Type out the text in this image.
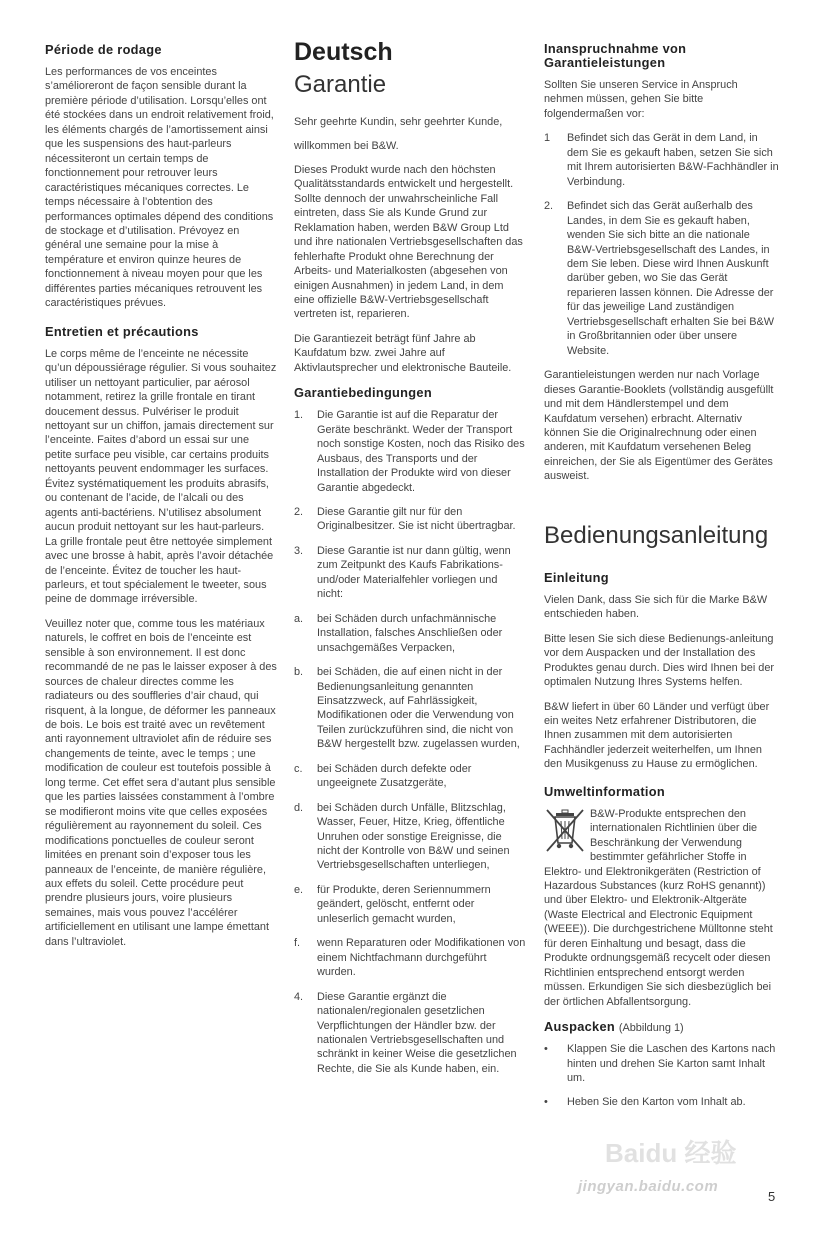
Période de rodage

Les performances de vos enceintes s’amélioreront de façon sensible durant la première période d’utilisation. Lorsqu’elles ont été stockées dans un endroit relativement froid, les éléments chargés de l’amortissement ainsi que les suspensions des haut-parleurs nécessiteront un certain temps de fonctionnement pour retrouver leurs caractéristiques mécaniques correctes. Le temps nécessaire à l’obtention des performances optimales dépend des conditions de stockage et d’utilisation. Prévoyez en général une semaine pour la mise à température et environ quinze heures de fonctionnement à niveau moyen pour que les différentes parties mécaniques retrouvent les caractéristiques prévues.

Entretien et précautions

Le corps même de l’enceinte ne nécessite qu’un dépoussiérage régulier. Si vous souhaitez utiliser un nettoyant particulier, par aérosol notamment, retirez la grille frontale en tirant doucement dessus. Pulvériser le produit nettoyant sur un chiffon, jamais directement sur l’enceinte. Faites d’abord un essai sur une petite surface peu visible, car certains produits nettoyants peuvent endommager les surfaces. Évitez systématiquement les produits abrasifs, ou contenant de l’acide, de l’alcali ou des agents anti-bactériens. N’utilisez absolument aucun produit nettoyant sur les haut-parleurs. La grille frontale peut être nettoyée simplement avec une brosse à habit, après l’avoir détachée de l’enceinte. Évitez de toucher les haut-parleurs, et tout spécialement le tweeter, sous peine de dommage irréversible.

Veuillez noter que, comme tous les matériaux naturels, le coffret en bois de l’enceinte est sensible à son environnement. Il est donc recommandé de ne pas le laisser exposer à des sources de chaleur directes comme les radiateurs ou des souffleries d’air chaud, qui risquent, à la longue, de déformer les panneaux de bois. Le bois est traité avec un revêtement anti rayonnement ultraviolet afin de réduire ses changements de teinte, avec le temps ; une modification de couleur est toutefois possible à long terme. Cet effet sera d’autant plus sensible que les parties laissées constamment à l’ombre se modifieront moins vite que celles exposées régulièrement au rayonnement du soleil. Ces modifications ponctuelles de couleur seront limitées en prenant soin d’exposer tous les panneaux de l’enceinte, de manière régulière, aux effets du soleil. Cette procédure peut prendre plusieurs jours, voire plusieurs semaines, mais vous pouvez l’accélérer artificiellement en utilisant une lampe émettant dans l’ultraviolet.

Deutsch
Garantie

Sehr geehrte Kundin, sehr geehrter Kunde,

willkommen bei B&W.

Dieses Produkt wurde nach den höchsten Qualitätsstandards entwickelt und hergestellt. Sollte dennoch der unwahrscheinliche Fall eintreten, dass Sie als Kunde Grund zur Reklamation haben, werden B&W Group Ltd und ihre nationalen Vertriebsgesellschaften das fehlerhafte Produkt ohne Berechnung der Arbeits- und Materialkosten (abgesehen von einigen Ausnahmen) in jedem Land, in dem eine offizielle B&W-Vertriebsgesellschaft vertreten ist, reparieren.

Die Garantiezeit beträgt fünf Jahre ab Kaufdatum bzw. zwei Jahre auf Aktivlautsprecher und elektronische Bauteile.

Garantiebedingungen
1. Die Garantie ist auf die Reparatur der Geräte beschränkt. Weder der Transport noch sonstige Kosten, noch das Risiko des Ausbaus, des Transports und der Installation der Produkte wird von dieser Garantie abgedeckt.
2. Diese Garantie gilt nur für den Originalbesitzer. Sie ist nicht übertragbar.
3. Diese Garantie ist nur dann gültig, wenn zum Zeitpunkt des Kaufs Fabrikations- und/oder Materialfehler vorliegen und nicht:
a. bei Schäden durch unfachmännische Installation, falsches Anschließen oder unsachgemäßes Verpacken,
b. bei Schäden, die auf einen nicht in der Bedienungsanleitung genannten Einsatzzweck, auf Fahrlässigkeit, Modifikationen oder die Verwendung von Teilen zurückzuführen sind, die nicht von B&W hergestellt bzw. zugelassen wurden,
c. bei Schäden durch defekte oder ungeeignete Zusatzgeräte,
d. bei Schäden durch Unfälle, Blitzschlag, Wasser, Feuer, Hitze, Krieg, öffentliche Unruhen oder sonstige Ereignisse, die nicht der Kontrolle von B&W und seinen Vertriebsgesellschaften unterliegen,
e. für Produkte, deren Seriennummern geändert, gelöscht, entfernt oder unleserlich gemacht wurden,
f. wenn Reparaturen oder Modifikationen von einem Nichtfachmann durchgeführt wurden.
4. Diese Garantie ergänzt die nationalen/regionalen gesetzlichen Verpflichtungen der Händler bzw. der nationalen Vertriebsgesellschaften und schränkt in keiner Weise die gesetzlichen Rechte, die Sie als Kunde haben, ein.
Inanspruchnahme von Garantieleistungen

Sollten Sie unseren Service in Anspruch nehmen müssen, gehen Sie bitte folgendermaßen vor:

1 Befindet sich das Gerät in dem Land, in dem Sie es gekauft haben, setzen Sie sich mit Ihrem autorisierten B&W-Fachhändler in Verbindung.
2. Befindet sich das Gerät außerhalb des Landes, in dem Sie es gekauft haben, wenden Sie sich bitte an die nationale B&W-Vertriebsgesellschaft des Landes, in dem Sie leben. Diese wird Ihnen Auskunft darüber geben, wo Sie das Gerät reparieren lassen können. Die Adresse der für das jeweilige Land zuständigen Vertriebsgesellschaft erhalten Sie bei B&W in Großbritannien oder über unsere Website.

Garantieleistungen werden nur nach Vorlage dieses Garantie-Booklets (vollständig ausgefüllt und mit dem Händlerstempel und dem Kaufdatum versehen) erbracht. Alternativ können Sie die Originalrechnung oder einen anderen, mit Kaufdatum versehenen Beleg einreichen, der Sie als Eigentümer des Gerätes ausweist.

Bedienungsanleitung
Einleitung

Vielen Dank, dass Sie sich für die Marke B&W entschieden haben.

Bitte lesen Sie sich diese Bedienungs-anleitung vor dem Auspacken und der Installation des Produktes genau durch. Dies wird Ihnen bei der optimalen Nutzung Ihres Systems helfen.

B&W liefert in über 60 Länder und verfügt über ein weites Netz erfahrener Distributoren, die Ihnen zusammen mit dem autorisierten Fachhändler jederzeit weiterhelfen, um Ihnen den Musikgenuss zu Hause zu ermöglichen.

Umweltinformation
B&W-Produkte entsprechen den internationalen Richtlinien über die Beschränkung der Verwendung bestimmter gefährlicher Stoffe in Elektro- und Elektronikgeräten (Restriction of Hazardous Substances (kurz RoHS genannt)) und über Elektro- und Elektronik-Altgeräte (Waste Electrical and Electronic Equipment (WEEE)). Die durchgestrichene Mülltonne steht für deren Einhaltung und besagt, dass die Produkte ordnungsgemäß recycelt oder diesen Richtlinien entsprechend entsorgt werden müssen. Erkundigen Sie sich diesbezüglich bei der örtlichen Abfallentsorgung.
Auspacken (Abbildung 1)
• Klappen Sie die Laschen des Kartons nach hinten und drehen Sie Karton samt Inhalt um.
• Heben Sie den Karton vom Inhalt ab.
Baidu 经验
jingyan.baidu.com
5
